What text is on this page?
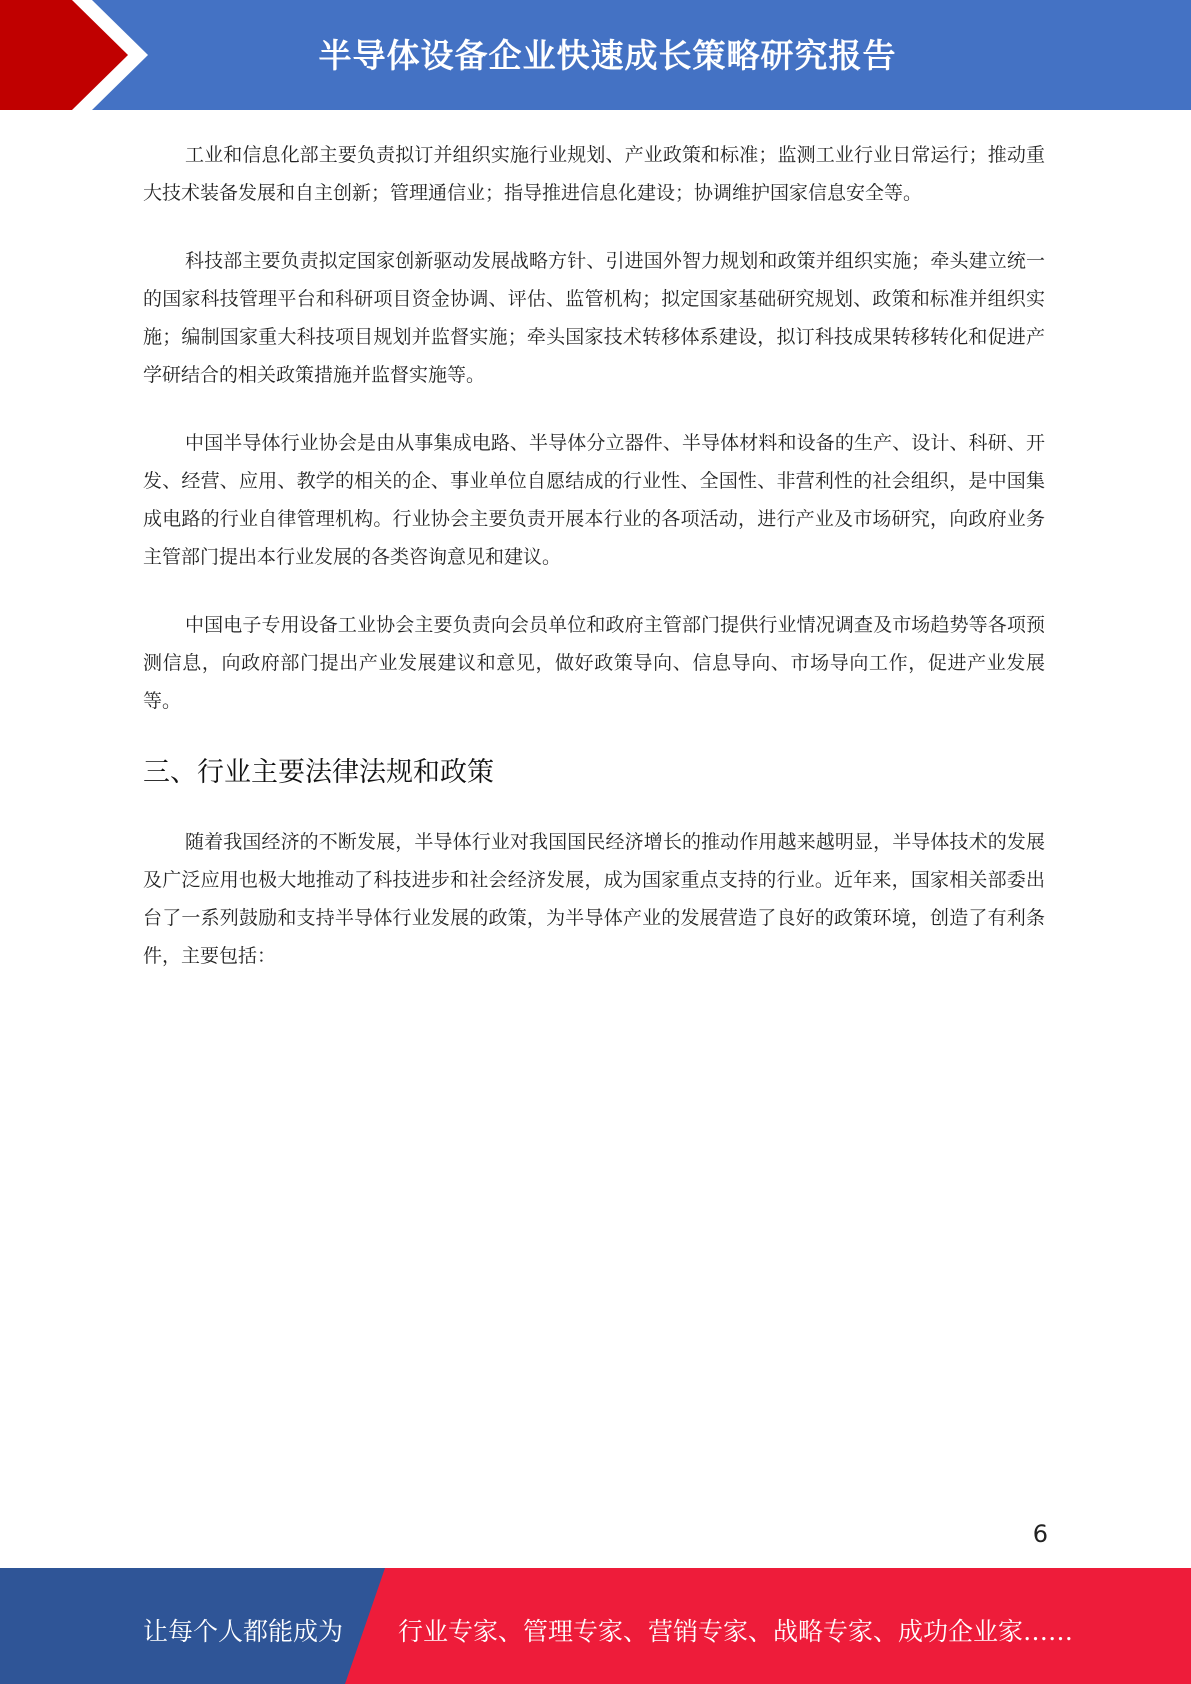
半导体设备企业快速成长策略研究报告

工业和信息化部主要负责拟订并组织实施行业规划、产业政策和标准；监测工业行业日常运行；推动重大技术装备发展和自主创新；管理通信业；指导推进信息化建设；协调维护国家信息安全等。

科技部主要负责拟定国家创新驱动发展战略方针、引进国外智力规划和政策并组织实施；牵头建立统一的国家科技管理平台和科研项目资金协调、评估、监管机构；拟定国家基础研究规划、政策和标准并组织实施；编制国家重大科技项目规划并监督实施；牵头国家技术转移体系建设，拟订科技成果转移转化和促进产学研结合的相关政策措施并监督实施等。

中国半导体行业协会是由从事集成电路、半导体分立器件、半导体材料和设备的生产、设计、科研、开发、经营、应用、教学的相关的企、事业单位自愿结成的行业性、全国性、非营利性的社会组织，是中国集成电路的行业自律管理机构。行业协会主要负责开展本行业的各项活动，进行产业及市场研究，向政府业务主管部门提出本行业发展的各类咨询意见和建议。

中国电子专用设备工业协会主要负责向会员单位和政府主管部门提供行业情况调查及市场趋势等各项预测信息，向政府部门提出产业发展建议和意见，做好政策导向、信息导向、市场导向工作，促进产业发展等。

三、行业主要法律法规和政策

随着我国经济的不断发展，半导体行业对我国国民经济增长的推动作用越来越明显，半导体技术的发展及广泛应用也极大地推动了科技进步和社会经济发展，成为国家重点支持的行业。近年来，国家相关部委出台了一系列鼓励和支持半导体行业发展的政策，为半导体产业的发展营造了良好的政策环境，创造了有利条件，主要包括：

6
让每个人都能成为 行业专家、管理专家、营销专家、战略专家、成功企业家……
